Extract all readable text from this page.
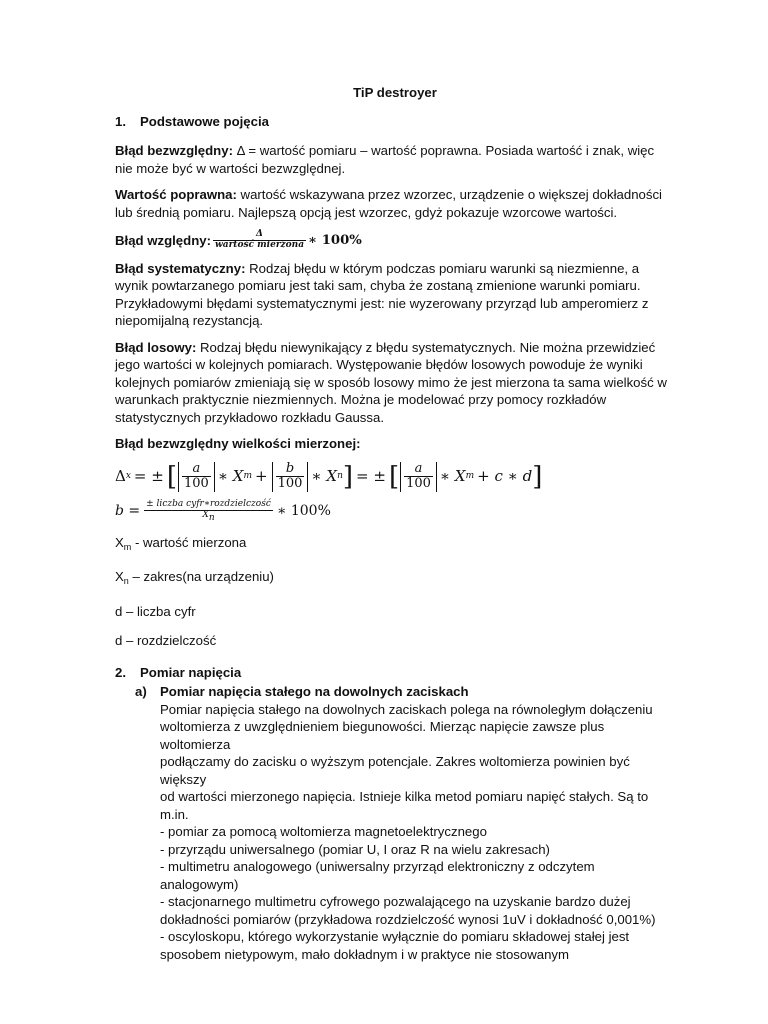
TiP destroyer
1.	Podstawowe pojęcia
Błąd bezwzględny: Δ = wartość pomiaru – wartość poprawna. Posiada wartość i znak, więc nie może być w wartości bezwzględnej.
Wartość poprawna: wartość wskazywana przez wzorzec, urządzenie o większej dokładności lub średnią pomiaru. Najlepszą opcją jest wzorzec, gdyż pokazuje wzorcowe wartości.
Błąd względny: $\frac{\Delta}{\text{wartość mierzona}}$ ∗ 100%
Błąd systematyczny: Rodzaj błędu w którym podczas pomiaru warunki są niezmienne, a wynik powtarzanego pomiaru jest taki sam, chyba że zostaną zmienione warunki pomiaru. Przykładowymi błędami systematycznymi jest: nie wyzerowany przyrząd lub amperomierz z niepomijalną rezystancją.
Błąd losowy: Rodzaj błędu niewynikający z błędu systematycznych. Nie można przewidzieć jego wartości w kolejnych pomiarach. Występowanie błędów losowych powoduje że wyniki kolejnych pomiarów zmieniają się w sposób losowy mimo że jest mierzona ta sama wielkość w warunkach praktycznie niezmiennych. Można je modelować przy pomocy rozkładów statystycznych przykładowo rozkładu Gaussa.
Błąd bezwzględny wielkości mierzonej:
Δ x = ± [ $\frac{a}{100}$ ∗ X $m + \frac{b}{100}$ ∗ X n ] = ± [ $\frac{a}{100}$ ∗ X m + c ∗ d ]
$b = \frac{\text{± liczba cyfr∗rozdzielczość}}{Xn}$ ∗ 100%
$X_m$ - wartość mierzona
$X_n$ – zakres(na urządzeniu)
d – liczba cyfr
d – rozdzielczość
2.	Pomiar napięcia
a)	Pomiar napięcia stałego na dowolnych zaciskach
Pomiar napięcia stałego na dowolnych zaciskach polega na równoległym dołączeniu
woltomierza z uwzględnieniem biegunowości. Mierząc napięcie zawsze plus woltomierza
podłączamy do zacisku o wyższym potencjale. Zakres woltomierza powinien być większy
od wartości mierzonego napięcia. Istnieje kilka metod pomiaru napięć stałych. Są to m.in.
- pomiar za pomocą woltomierza magnetoelektrycznego
- przyrządu uniwersalnego (pomiar U, I oraz R na wielu zakresach)
- multimetru analogowego (uniwersalny przyrząd elektroniczny z odczytem analogowym)
- stacjonarnego multimetru cyfrowego pozwalającego na uzyskanie bardzo dużej
dokładności pomiarów (przykładowa rozdzielczość wynosi 1uV i dokładność 0,001%)
- oscyloskopu, którego wykorzystanie wyłącznie do pomiaru składowej stałej jest
sposobem nietypowym, mało dokładnym i w praktyce nie stosowanym
